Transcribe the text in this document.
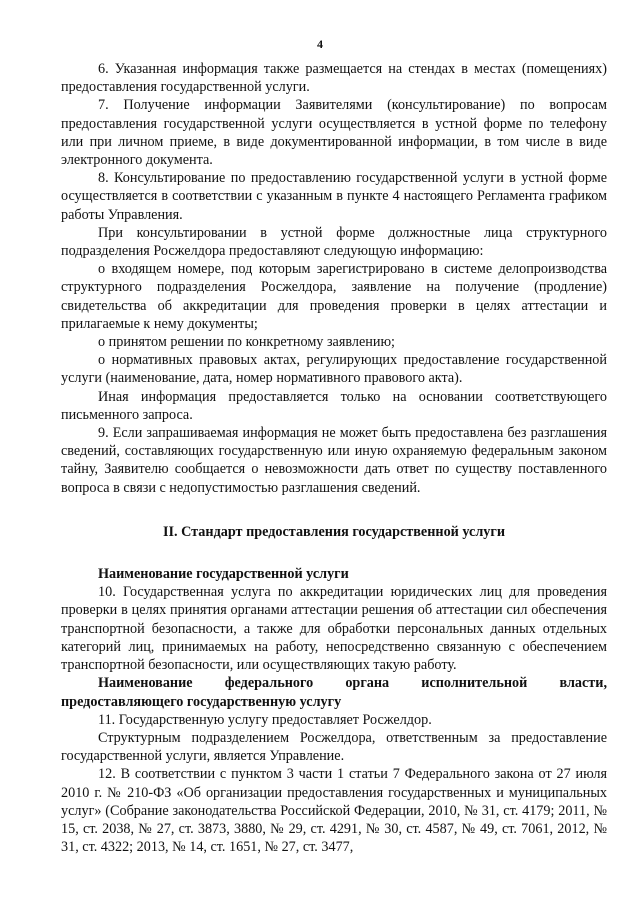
4

6. Указанная информация также размещается на стендах в местах (помещениях) предоставления государственной услуги.

7. Получение информации Заявителями (консультирование) по вопросам предоставления государственной услуги осуществляется в устной форме по телефону или при личном приеме, в виде документированной информации, в том числе в виде электронного документа.

8. Консультирование по предоставлению государственной услуги в устной форме осуществляется в соответствии с указанным в пункте 4 настоящего Регламента графиком работы Управления.

При консультировании в устной форме должностные лица структурного подразделения Росжелдора предоставляют следующую информацию:

о входящем номере, под которым зарегистрировано в системе делопроизводства структурного подразделения Росжелдора, заявление на получение (продление) свидетельства об аккредитации для проведения проверки в целях аттестации и прилагаемые к нему документы;

о принятом решении по конкретному заявлению;

о нормативных правовых актах, регулирующих предоставление государственной услуги (наименование, дата, номер нормативного правового акта).

Иная информация предоставляется только на основании соответствующего письменного запроса.

9. Если запрашиваемая информация не может быть предоставлена без разглашения сведений, составляющих государственную или иную охраняемую федеральным законом тайну, Заявителю сообщается о невозможности дать ответ по существу поставленного вопроса в связи с недопустимостью разглашения сведений.

II. Стандарт предоставления государственной услуги

Наименование государственной услуги

10. Государственная услуга по аккредитации юридических лиц для проведения проверки в целях принятия органами аттестации решения об аттестации сил обеспечения транспортной безопасности, а также для обработки персональных данных отдельных категорий лиц, принимаемых на работу, непосредственно связанную с обеспечением транспортной безопасности, или осуществляющих такую работу.

Наименование федерального органа исполнительной власти, предоставляющего государственную услугу

11. Государственную услугу предоставляет Росжелдор.

Структурным подразделением Росжелдора, ответственным за предоставление государственной услуги, является Управление.

12. В соответствии с пунктом 3 части 1 статьи 7 Федерального закона от 27 июля 2010 г. № 210-ФЗ «Об организации предоставления государственных и муниципальных услуг» (Собрание законодательства Российской Федерации, 2010, № 31, ст. 4179; 2011, № 15, ст. 2038, № 27, ст. 3873, 3880, № 29, ст. 4291, № 30, ст. 4587, № 49, ст. 7061, 2012, № 31, ст. 4322; 2013, № 14, ст. 1651, № 27, ст. 3477,
